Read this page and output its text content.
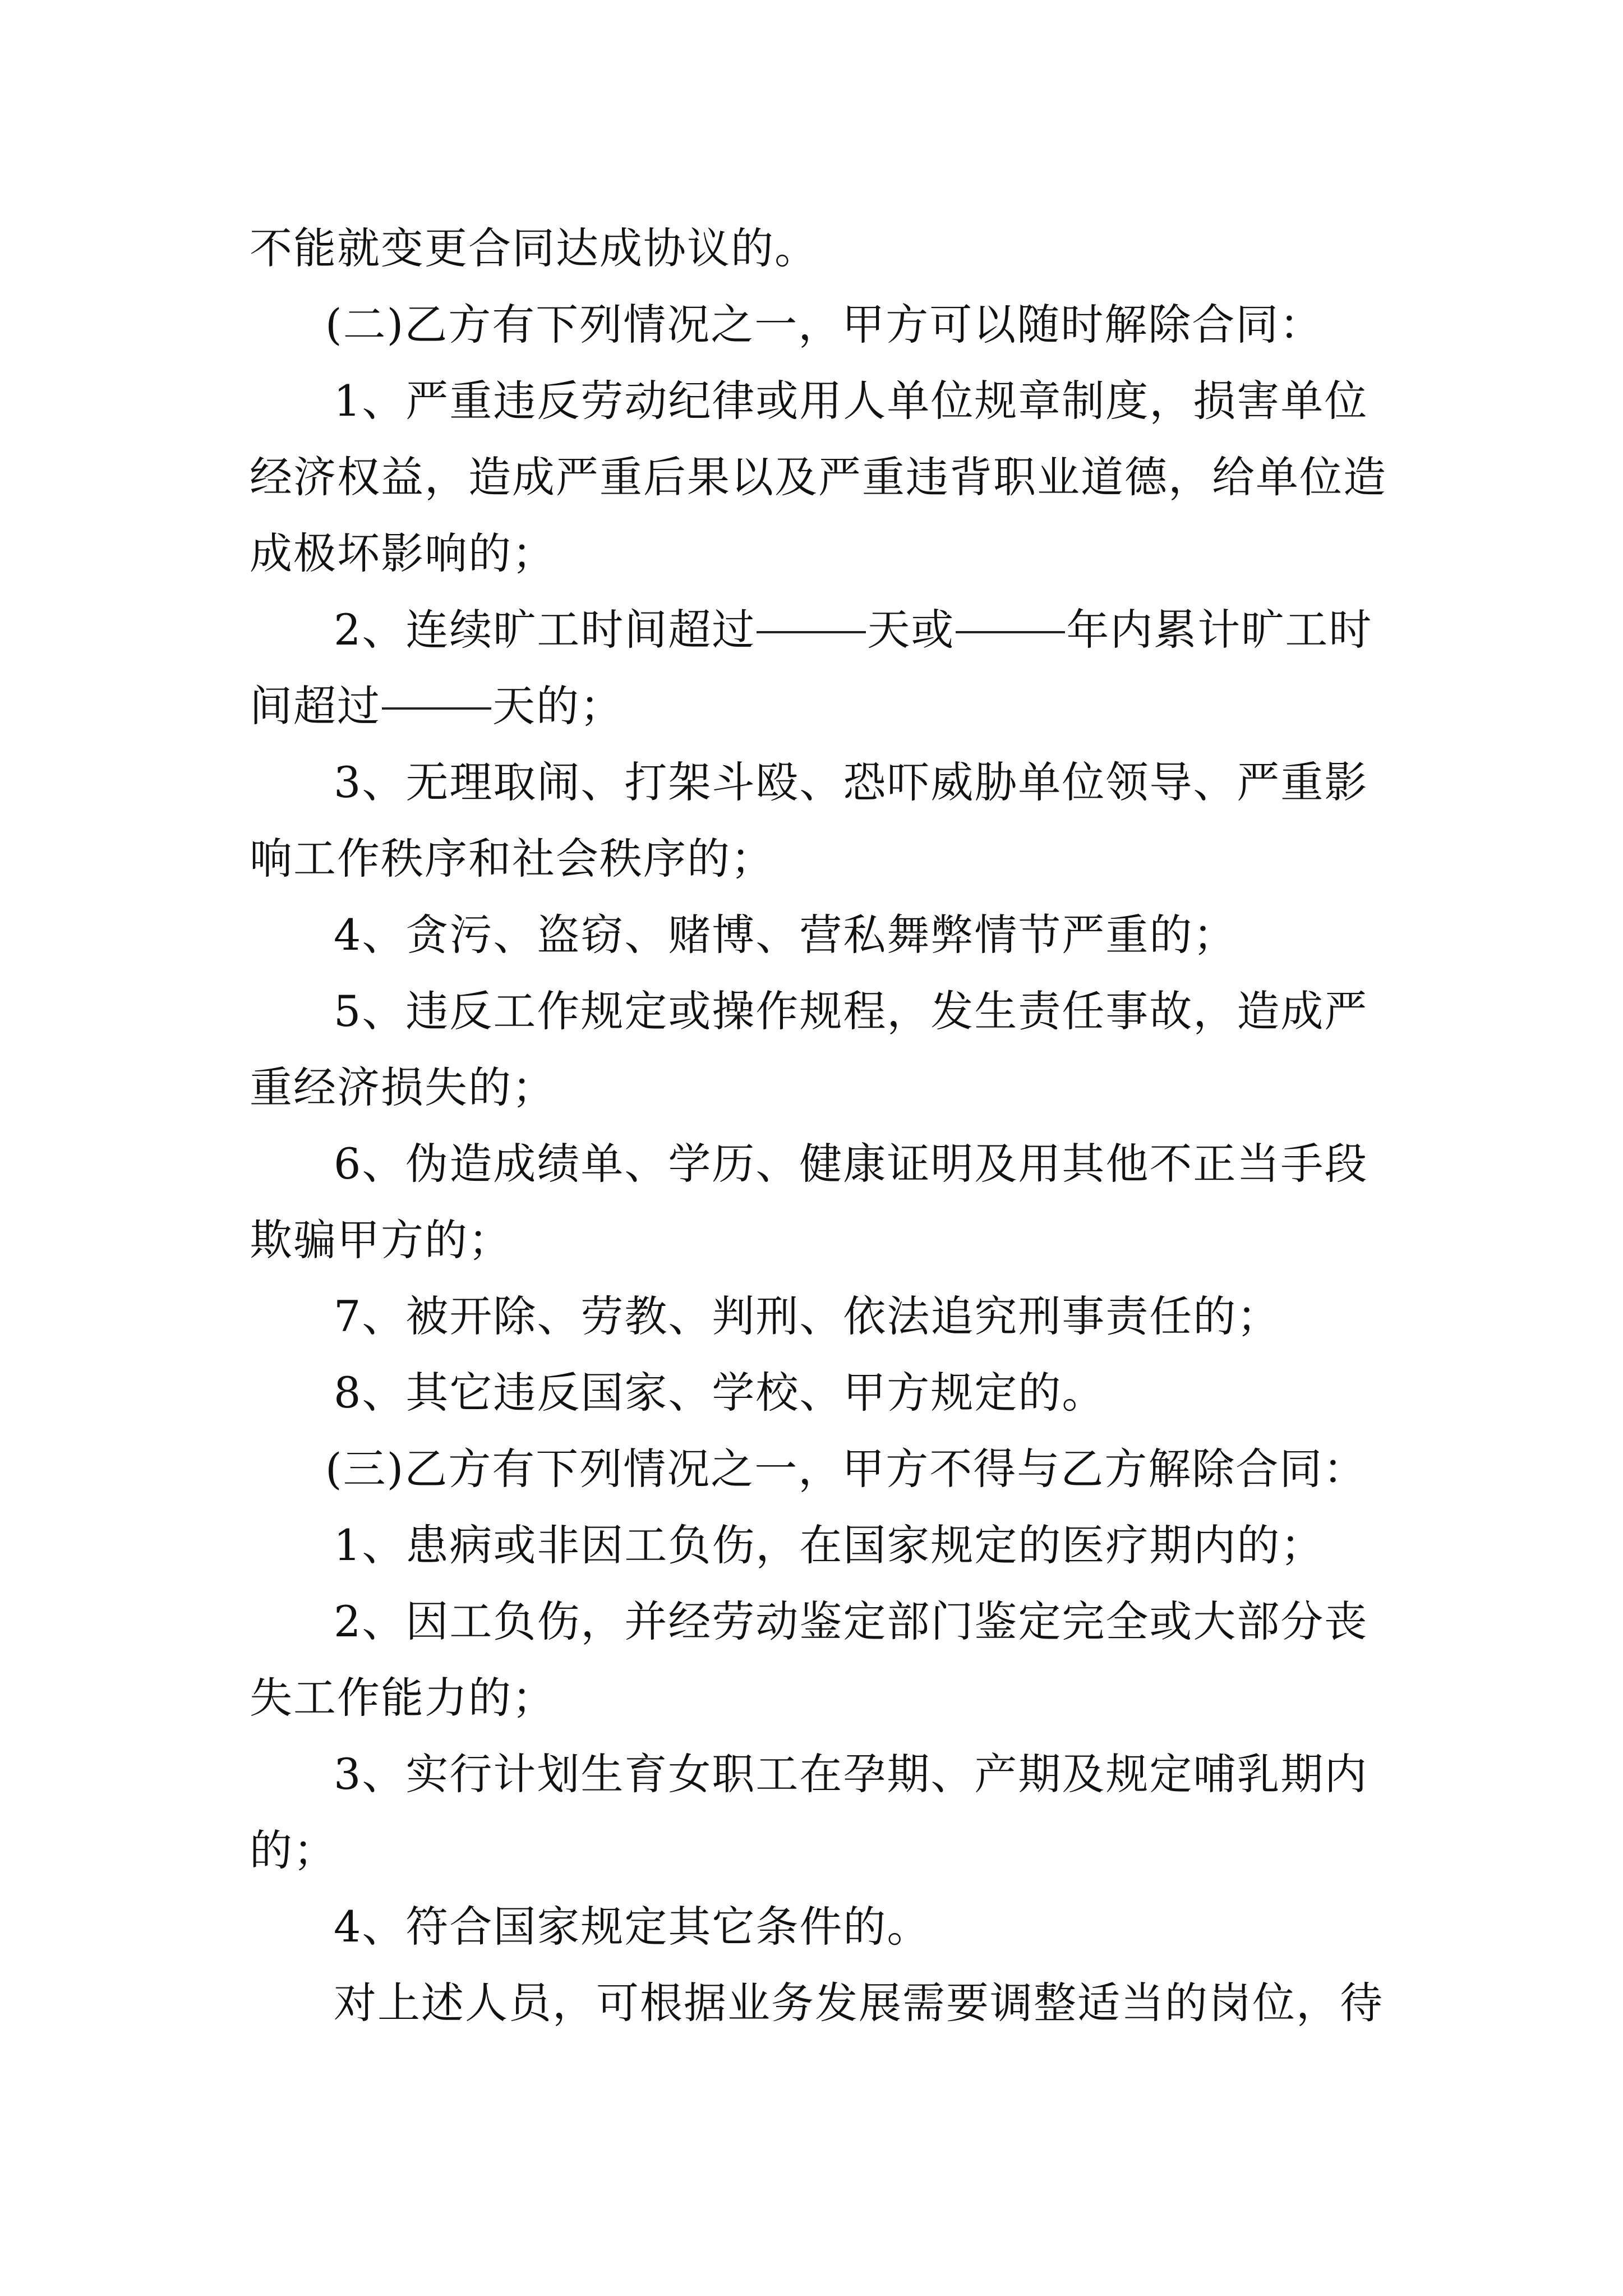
不能就变更合同达成协议的。
(二)乙方有下列情况之一，甲方可以随时解除合同：
1、严重违反劳动纪律或用人单位规章制度，损害单位
经济权益，造成严重后果以及严重违背职业道德，给单位造
成极坏影响的；
2、连续旷工时间超过	天或	年内累计旷工时
间超过	天的；
3、无理取闹、打架斗殴、恐吓威胁单位领导、严重影
响工作秩序和社会秩序的；
4、贪污、盗窃、赌博、营私舞弊情节严重的；
5、违反工作规定或操作规程，发生责任事故，造成严
重经济损失的；
6、伪造成绩单、学历、健康证明及用其他不正当手段
欺骗甲方的；
7、被开除、劳教、判刑、依法追究刑事责任的；
8、其它违反国家、学校、甲方规定的。
(三)乙方有下列情况之一，甲方不得与乙方解除合同：
1、患病或非因工负伤，在国家规定的医疗期内的；
2、因工负伤，并经劳动鉴定部门鉴定完全或大部分丧
失工作能力的；
3、实行计划生育女职工在孕期、产期及规定哺乳期内
的；
4、符合国家规定其它条件的。
对上述人员，可根据业务发展需要调整适当的岗位，待
